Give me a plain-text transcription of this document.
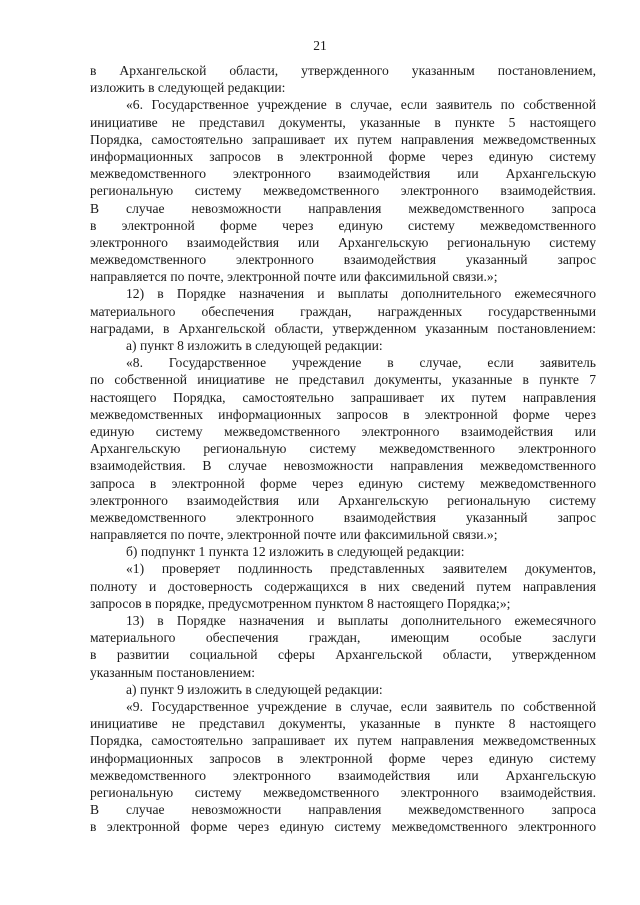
21
в Архангельской области, утвержденного указанным постановлением,
изложить в следующей редакции:
«6. Государственное учреждение в случае, если заявитель по собственной
инициативе не представил документы, указанные в пункте 5 настоящего
Порядка, самостоятельно запрашивает их путем направления межведомственных
информационных запросов в электронной форме через единую систему
межведомственного электронного взаимодействия или Архангельскую
региональную систему межведомственного электронного взаимодействия.
В случае невозможности направления межведомственного запроса
в электронной форме через единую систему межведомственного
электронного взаимодействия или Архангельскую региональную систему
межведомственного электронного взаимодействия указанный запрос
направляется по почте, электронной почте или факсимильной связи.»;
12) в Порядке назначения и выплаты дополнительного ежемесячного
материального обеспечения граждан, награжденных государственными
наградами, в Архангельской области, утвержденном указанным постановлением:
а) пункт 8 изложить в следующей редакции:
«8. Государственное учреждение в случае, если заявитель
по собственной инициативе не представил документы, указанные в пункте 7
настоящего Порядка, самостоятельно запрашивает их путем направления
межведомственных информационных запросов в электронной форме через
единую систему межведомственного электронного взаимодействия или
Архангельскую региональную систему межведомственного электронного
взаимодействия. В случае невозможности направления межведомственного
запроса в электронной форме через единую систему межведомственного
электронного взаимодействия или Архангельскую региональную систему
межведомственного электронного взаимодействия указанный запрос
направляется по почте, электронной почте или факсимильной связи.»;
б) подпункт 1 пункта 12 изложить в следующей редакции:
«1) проверяет подлинность представленных заявителем документов,
полноту и достоверность содержащихся в них сведений путем направления
запросов в порядке, предусмотренном пунктом 8 настоящего Порядка;»;
13) в Порядке назначения и выплаты дополнительного ежемесячного
материального обеспечения граждан, имеющим особые заслуги
в развитии социальной сферы Архангельской области, утвержденном
указанным постановлением:
а) пункт 9 изложить в следующей редакции:
«9. Государственное учреждение в случае, если заявитель по собственной
инициативе не представил документы, указанные в пункте 8 настоящего
Порядка, самостоятельно запрашивает их путем направления межведомственных
информационных запросов в электронной форме через единую систему
межведомственного электронного взаимодействия или Архангельскую
региональную систему межведомственного электронного взаимодействия.
В случае невозможности направления межведомственного запроса
в электронной форме через единую систему межведомственного электронного
